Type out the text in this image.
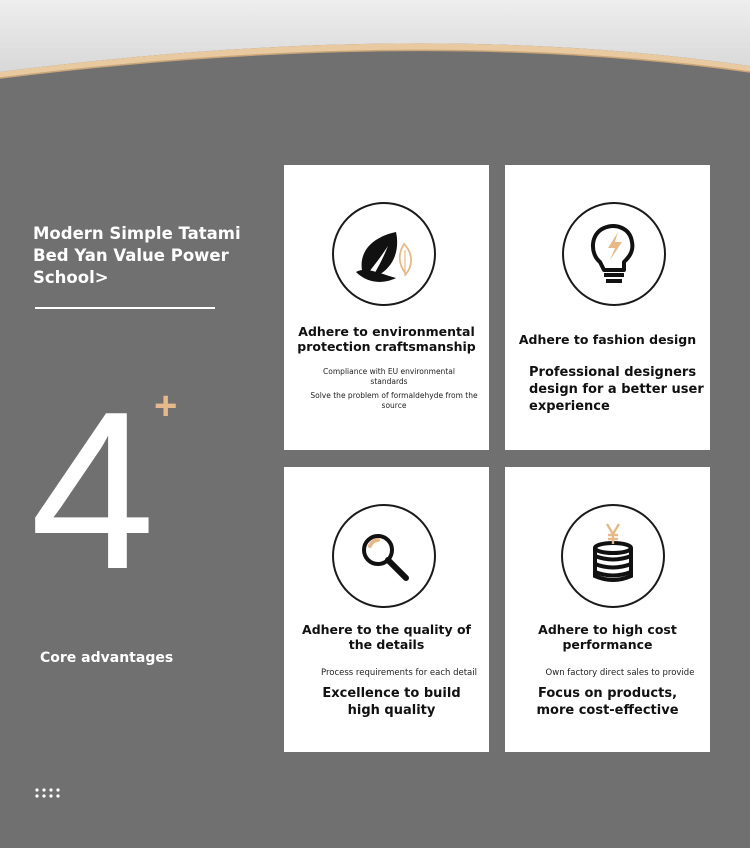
Modern Simple Tatami Bed Yan Value Power School>
4 +
Core advantages
Adhere to environmental protection craftsmanship
Compliance with EU environmental standards
Solve the problem of formaldehyde from the source
Adhere to fashion design
Professional designers design for a better user experience
Adhere to the quality of the details
Process requirements for each detail
Excellence to build high quality
Adhere to high cost performance
Own factory direct sales to provide
Focus on products, more cost-effective
